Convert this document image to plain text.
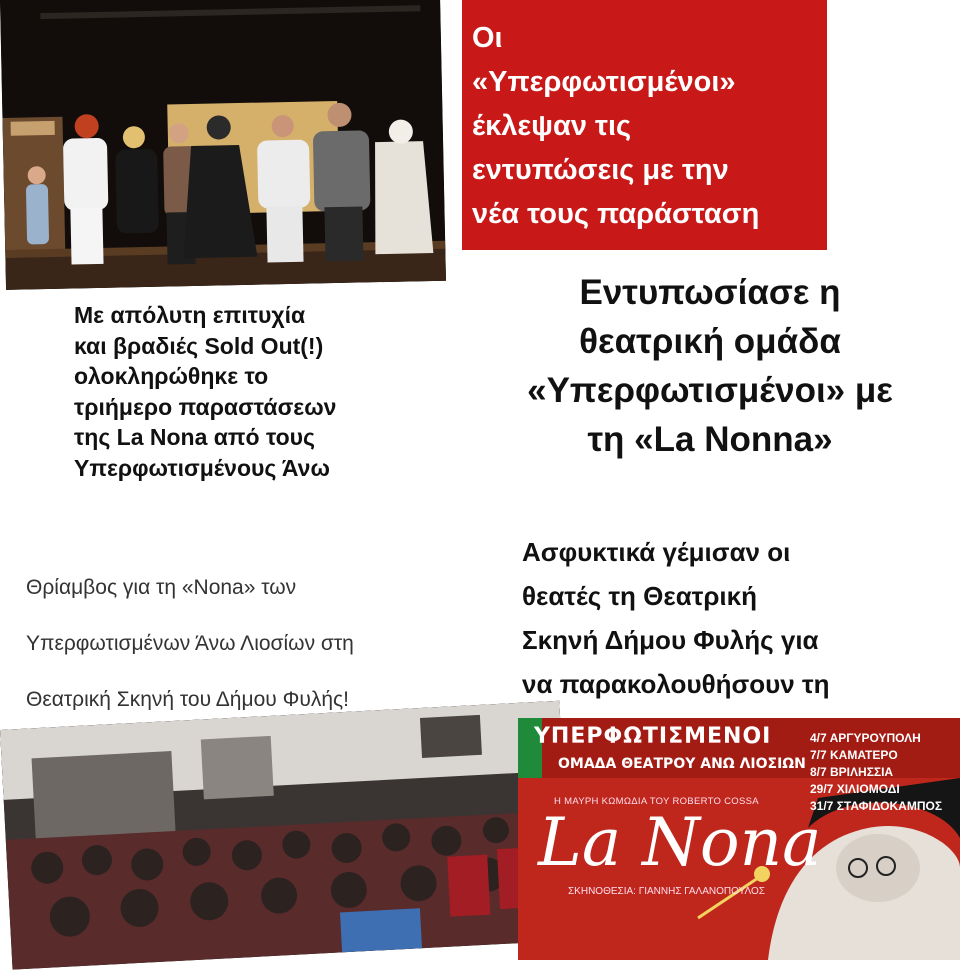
Οι
«Υπερφωτισμένοι»
έκλεψαν τις
εντυπώσεις με την
νέα τους παράσταση
Με απόλυτη επιτυχία
και βραδιές Sold Out(!)
ολοκληρώθηκε το
τριήμερο παραστάσεων
της La Nona από τους
Υπερφωτισμένους Άνω
Εντυπωσίασε η
θεατρική ομάδα
«Υπερφωτισμένοι» με
τη «La Nonna»
Θρίαμβος για τη «Nona» των
Υπερφωτισμένων Άνω Λιοσίων στη
Θεατρική Σκηνή του Δήμου Φυλής!
Ασφυκτικά γέμισαν οι
θεατές τη Θεατρική
Σκηνή Δήμου Φυλής για
να παρακολουθήσουν τη
ΥΠΕΡΦΩΤΙΣΜΕΝΟΙ
ΟΜΑΔΑ ΘΕΑΤΡΟΥ ΑΝΩ ΛΙΟΣΙΩΝ
Η ΜΑΥΡΗ ΚΩΜΩΔΙΑ ΤΟΥ ROBERTO COSSA
La Nona
ΣΚΗΝΟΘΕΣΙΑ: ΓΙΑΝΝΗΣ ΓΑΛΑΝΟΠΟΥΛΟΣ
4/7 ΑΡΓΥΡΟΥΠΟΛΗ
7/7 ΚΑΜΑΤΕΡΟ
8/7 ΒΡΙΛΗΣΣΙΑ
29/7 ΧΙΛΙΟΜΟΔΙ
31/7 ΣΤΑΦΙΔΟΚΑΜΠΟΣ
